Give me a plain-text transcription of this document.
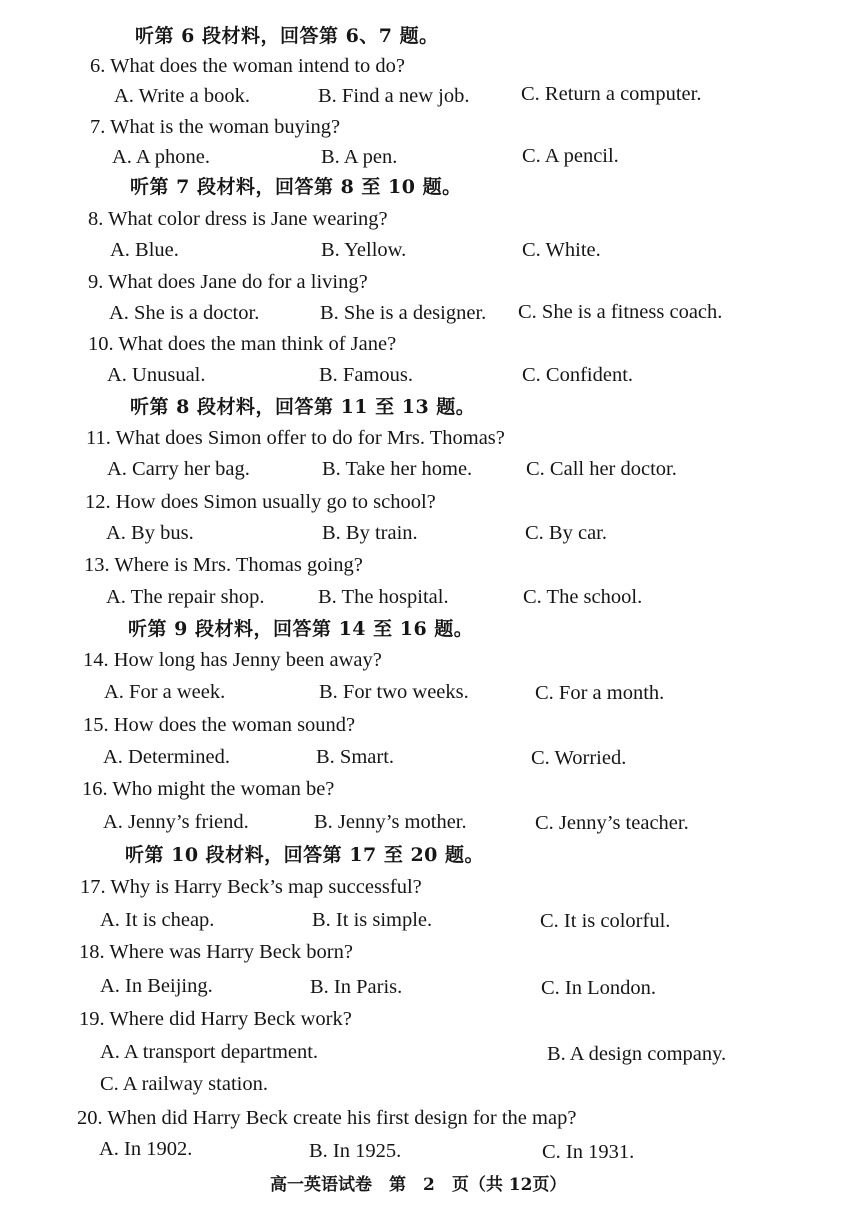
听第 6 段材料，回答第 6、7 题。
6. What does the woman intend to do?
A. Write a book.	B. Find a new job.	C. Return a computer.
7. What is the woman buying?
A. A phone.	B. A pen.	C. A pencil.
听第 7 段材料，回答第 8 至 10 题。
8. What color dress is Jane wearing?
A. Blue.	B. Yellow.	C. White.
9. What does Jane do for a living?
A. She is a doctor.	B. She is a designer. C. She is a fitness coach.
10. What does the man think of Jane?
A. Unusual.	B. Famous.	C. Confident.
听第 8 段材料，回答第 11 至 13 题。
11. What does Simon offer to do for Mrs. Thomas?
A. Carry her bag.	B. Take her home.	C. Call her doctor.
12. How does Simon usually go to school?
A. By bus.	B. By train.	C. By car.
13. Where is Mrs. Thomas going?
A. The repair shop.	B. The hospital.	C. The school.
听第 9 段材料，回答第 14 至 16 题。
14. How long has Jenny been away?
A. For a week.	B. For two weeks.	C. For a month.
15. How does the woman sound?
A. Determined.	B. Smart.	C. Worried.
16. Who might the woman be?
A. Jenny’s friend.	B. Jenny’s mother.	C. Jenny’s teacher.
听第 10 段材料，回答第 17 至 20 题。
17. Why is Harry Beck’s map successful?
A. It is cheap.	B. It is simple.	C. It is colorful.
18. Where was Harry Beck born?
A. In Beijing.	B. In Paris.	C. In London.
19. Where did Harry Beck work?
A. A transport department.	B. A design company.
C. A railway station.
20. When did Harry Beck create his first design for the map?
A. In 1902.	B. In 1925.	C. In 1931.
高一英语试卷　第　2　页（共 12页）
